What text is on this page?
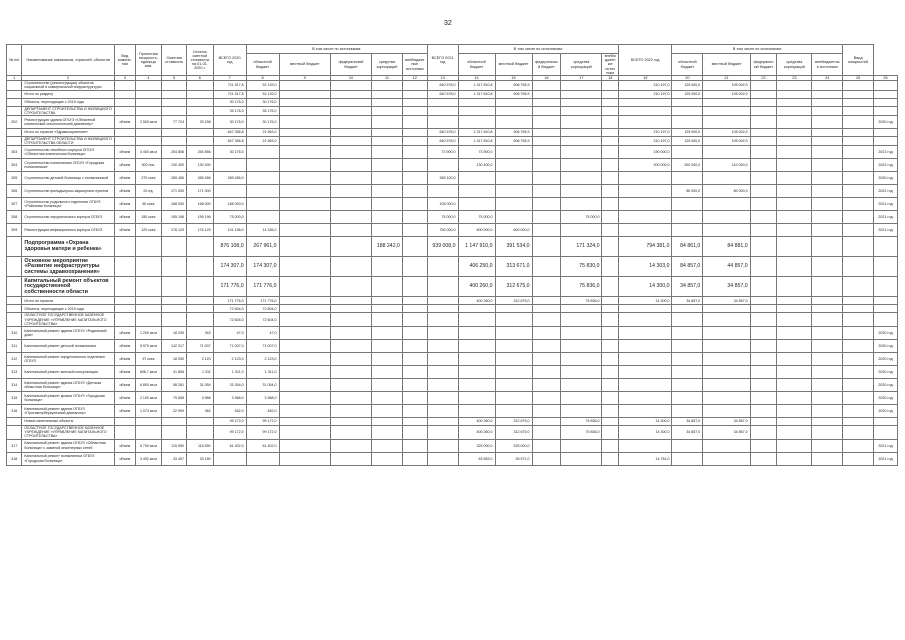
32
№ п/п	Наименование заказчиков, отраслей, объектов	Вид измене-ния	Проектная мощность, единица изм.	Сметная стоимость	Остаток сметной стоимости на 01.01. 2020 г.	ВСЕГО 2020 год	В том числе по источникам:					ВСЕГО 2021 год	В том числе по источникам:					ВСЕГО 2022 год	В том числе по источникам:					Ввод мощностей	
							областной бюджет	местный бюджет	федеральный бюджет	средства корпораций	внебюджетные источники		областной бюджет	местный бюджет	федеральный бюджет	средства корпораций	внебюджетные источники		областной бюджет	местный бюджет	федеральный бюджет	средства корпораций	внебюджетные источники		
1	2	3	4	5	6	7	8	9	10	11	12	13	14	15	16	17	18	19	20	21	22	23	24	25	26
	Строительство (реконструкция) объектов социальной и коммунальной инфраструктуры					711 517,8	52 139,0					640 578,0	1 317 810,8	506 765,9				210 197,0	125 000,0	105 002,0					
	Итого по разделу					711 517,8	52 139,0					640 578,0	1 317 810,8	506 765,9				210 197,0	125 000,0	105 002,0					
	Объекты, переходящие с 2019 года					30 176,0	30 176,0																		
	ДЕПАРТАМЕНТ СТРОИТЕЛЬСТВА И ЖИЛИЩНОГО СТРОИТЕЛЬСТВА					35 176,0	35 176,0																		
302	Реконструкция здания ОГБУЗ «Областной клинический онкологический диспансер»	объем	2 500 кв.м	77 724	25 158	30 176,0	30 176,0																		2020 год
	Итого по отрасли «Здравоохранение»					647 356,8	21 963,0					640 578,0	1 317 810,8	506 765,9				210 197,0	125 000,0	105 002,0					
	ДЕПАРТАМЕНТ СТРОИТЕЛЬСТВА И ЖИЛИЩНОГО СТРОИТЕЛЬСТВА ОБЛАСТИ					647 356,8	21 963,0					640 578,0	1 317 810,8	506 765,9				210 197,0	125 000,0	105 002,0					
303	Строительство лечебного корпуса ОГБУЗ «Областная клиническая больница»	объем	4 400 кв.м	254 856	254 856	30 176,0						73 900,0	73 900,0					150 000,0							2021 год
304	Строительство поликлиники ОГБУЗ «Городская поликлиника»	объем	300 пос.	130 400	130 400								130 400,0					200 000,0	200 000,0	110 000,0					2022 год
305	Строительство детской больницы с поликлиникой	объем	270 коек	289 456	289 456	289 456,0						289 100,0													2020 год
306	Строительство фельдшерско-акушерских пунктов	объем	20 ед.	171 000	171 000														80 000,0	80 000,0					2022 год
307	Строительство родильного отделения ОГБУЗ «Районная больница»	объем	60 коек	168 000	168 000	168 000,0						105 000,0													2021 год
308	Строительство хирургического корпуса ОГБУЗ	объем	150 коек	195 196	195 196	75 000,0						75 000,0	75 000,0			75 000,0									2021 год
309	Реконструкция инфекционного корпуса ОГБУЗ	объем	120 коек	176 129	176 129	101 196,0	14 336,0					750 000,0	600 000,0	600 000,0											2021 год
	Подпрограмма «Охрана здоровья матери и ребенка»					876 108,0	267 961,0			188 242,0		939 008,0	1 147 910,0	391 534,0		171 324,0		794 381,0	84 861,0	84 881,0					
	Основное мероприятие «Развитие инфраструктуры системы здравоохранения»					174 307,0	174 307,0						406 250,0	313 671,0		75 830,0		14 303,0	84 857,0	44 857,0					
	Капитальный ремонт объектов государственной собственности области					171 776,0	171 776,0						400 260,0	312 675,0		75 836,0		14 300,0	34 857,0	34 857,0					
	Итого по отрасли					171 776,0	171 776,0						400 260,0	312 675,0		75 836,0		14 300,0	34 857,0	34 857,0					
	Объекты, переходящие с 2019 года					72 604,0	72 604,0																		
	ОБЛАСТНОЕ ГОСУДАРСТВЕННОЕ КАЗЕННОЕ УЧРЕЖДЕНИЕ «УПРАВЛЕНИЕ КАПИТАЛЬНОГО СТРОИТЕЛЬСТВА»					72 604,0	72 604,0																		
310	Капитальный ремонт здания ОГБУЗ «Родильный дом»	объем	1 200 кв.м	16 299	343	47,0	47,0																		2020 год
311	Капитальный ремонт детской поликлиники	объем	5 970 кв.м	142 317	71 007	71 007,0	71 007,0																		2020 год
312	Капитальный ремонт хирургического отделения ОГБУЗ	объем	97 коек	18 050	2 123	2 123,0	2 123,0																		2020 год
313	Капитальный ремонт женской консультации	объем	606,7 кв.м	41 806	1 311	1 311,0	1 311,0																		2020 год
314	Капитальный ремонт здания ОГБУЗ «Детская областная больница»	объем	6 800 кв.м	58 281	31 054	31 054,0	31 054,0																		2020 год
315	Капитальный ремонт кровли ОГБУЗ «Городская больница»	объем	2 100 кв.м	79 808	3 968	3 968,0	3 968,0																		2020 год
316	Капитальный ремонт здания ОГБУЗ «Противотуберкулезный диспансер»	объем	1 074 кв.м	22 999	452	452,0	452,0																		2020 год
	Новые капитальные объекты					99 172,0	99 172,0						400 260,0	312 675,0		75 836,0		14 300,0	34 857,0	34 857,0					
	ОБЛАСТНОЕ ГОСУДАРСТВЕННОЕ КАЗЕННОЕ УЧРЕЖДЕНИЕ «УПРАВЛЕНИЕ КАПИТАЛЬНОГО СТРОИТЕЛЬСТВА»					99 172,0	99 172,0						400 260,0	312 675,0		75 836,0		14 300,0	34 857,0	34 857,0					
317	Капитальный ремонт здания ОГБУЗ «Областная больница» с заменой инженерных сетей	объем	5 700 кв.м	115 590	115 590	61 402,0	61 402,0						325 000,0	325 000,0											2021 год
318	Капитальный ремонт поликлиники ОГБУЗ «Городская больница»	объем	3 492 кв.м	33 407	33 180								63 583,0	35 971,0				14 781,0							2021 год
